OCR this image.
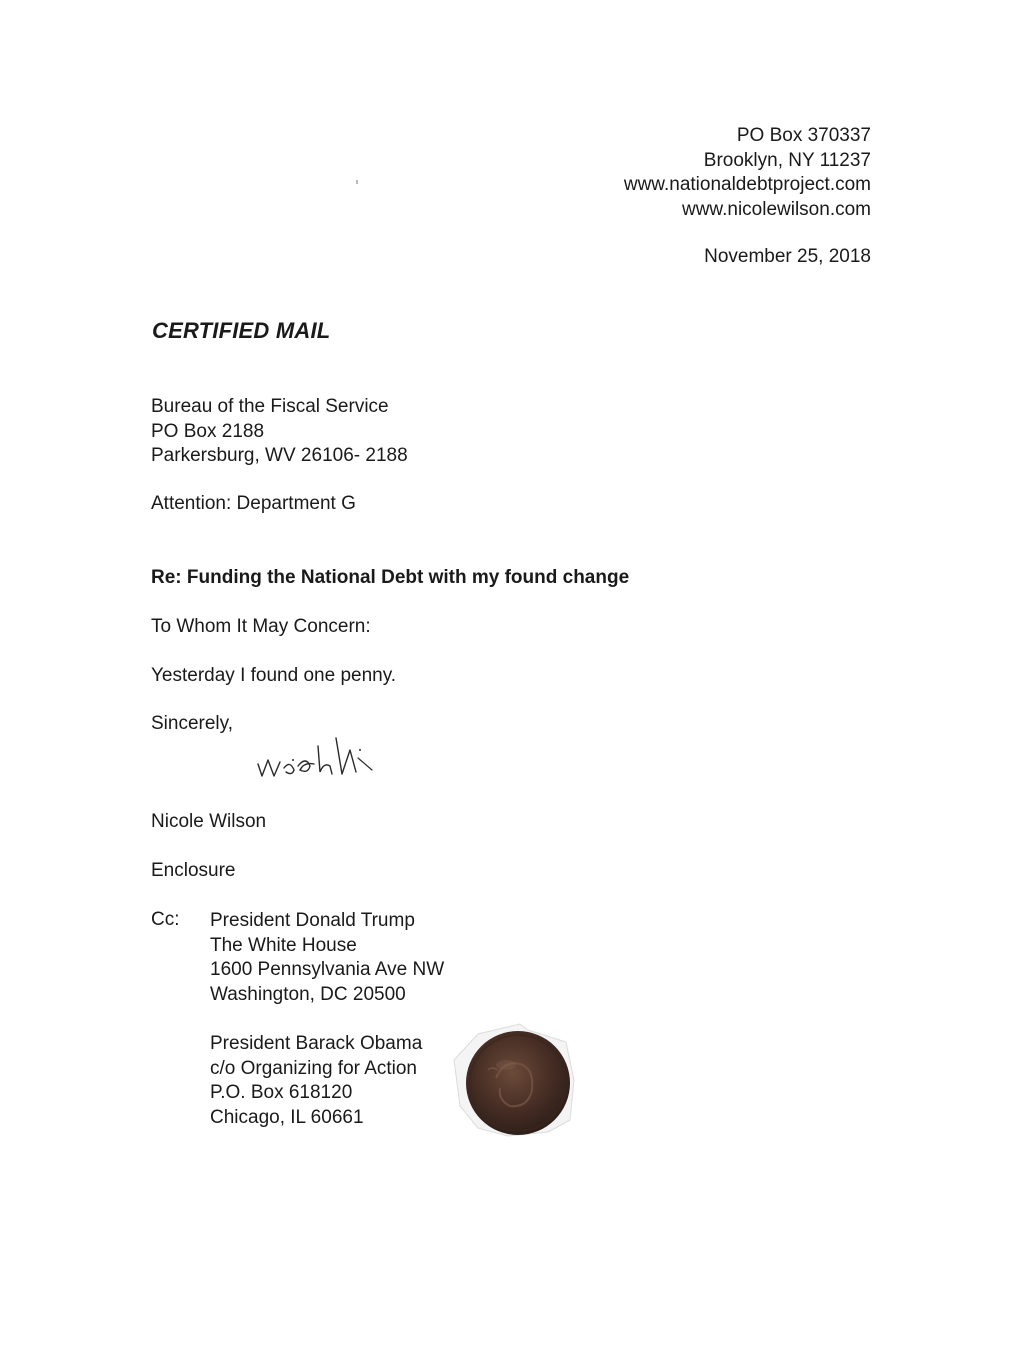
PO Box 370337
Brooklyn, NY 11237
www.nationaldebtproject.com
www.nicolewilson.com
November 25, 2018
CERTIFIED MAIL
Bureau of the Fiscal Service
PO Box 2188
Parkersburg, WV 26106- 2188
Attention: Department G
Re: Funding the National Debt with my found change
To Whom It May Concern:
Yesterday I found one penny.
Sincerely,	Nicole Wilson
Nicole Wilson
Enclosure
Cc: President Donald Trump
The White House
1600 Pennsylvania Ave NW
Washington, DC 20500
President Barack Obama
c/o Organizing for Action
P.O. Box 618120
Chicago, IL 60661
